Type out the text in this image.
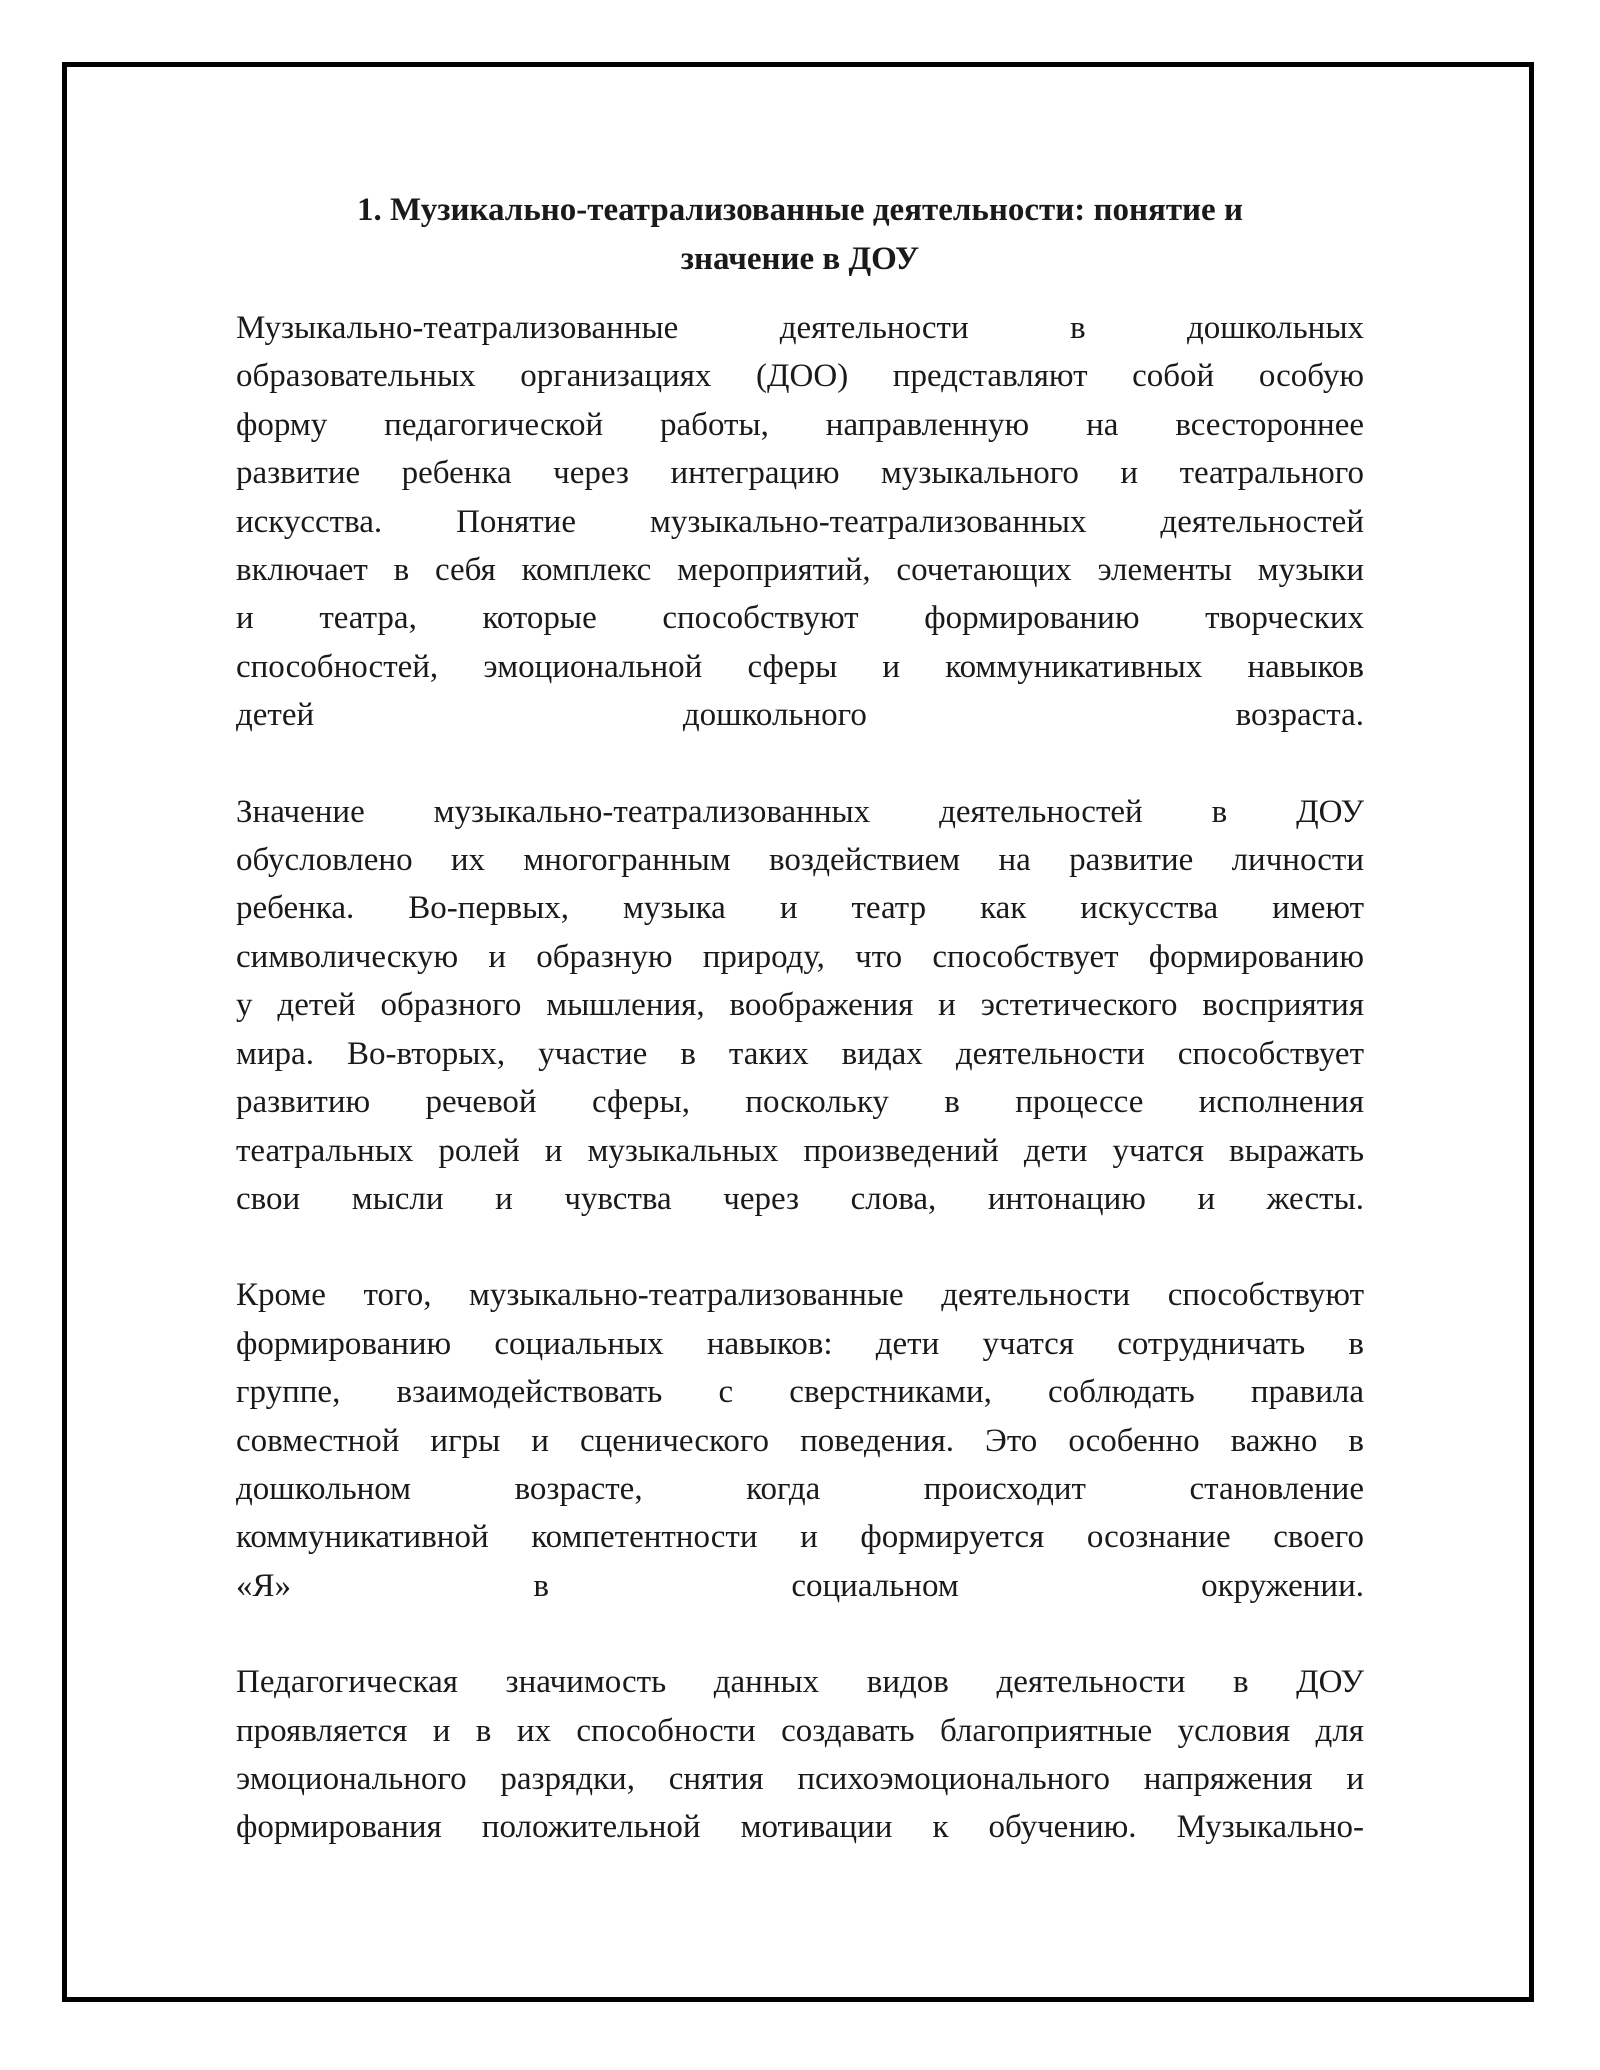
1. Музикально-театрализованные деятельности: понятие и
значение в ДОУ

Музыкально-театрализованные деятельности в дошкольных
образовательных организациях (ДОО) представляют собой особую
форму педагогической работы, направленную на всестороннее
развитие ребенка через интеграцию музыкального и театрального
искусства. Понятие музыкально-театрализованных деятельностей
включает в себя комплекс мероприятий, сочетающих элементы музыки
и театра, которые способствуют формированию творческих
способностей, эмоциональной сферы и коммуникативных навыков
детей дошкольного возраста.

Значение музыкально-театрализованных деятельностей в ДОУ
обусловлено их многогранным воздействием на развитие личности
ребенка. Во-первых, музыка и театр как искусства имеют
символическую и образную природу, что способствует формированию
у детей образного мышления, воображения и эстетического восприятия
мира. Во-вторых, участие в таких видах деятельности способствует
развитию речевой сферы, поскольку в процессе исполнения
театральных ролей и музыкальных произведений дети учатся выражать
свои мысли и чувства через слова, интонацию и жесты.

Кроме того, музыкально-театрализованные деятельности способствуют
формированию социальных навыков: дети учатся сотрудничать в
группе, взаимодействовать с сверстниками, соблюдать правила
совместной игры и сценического поведения. Это особенно важно в
дошкольном возрасте, когда происходит становление
коммуникативной компетентности и формируется осознание своего
«Я» в социальном окружении.

Педагогическая значимость данных видов деятельности в ДОУ
проявляется и в их способности создавать благоприятные условия для
эмоционального разрядки, снятия психоэмоционального напряжения и
формирования положительной мотивации к обучению. Музыкально-
